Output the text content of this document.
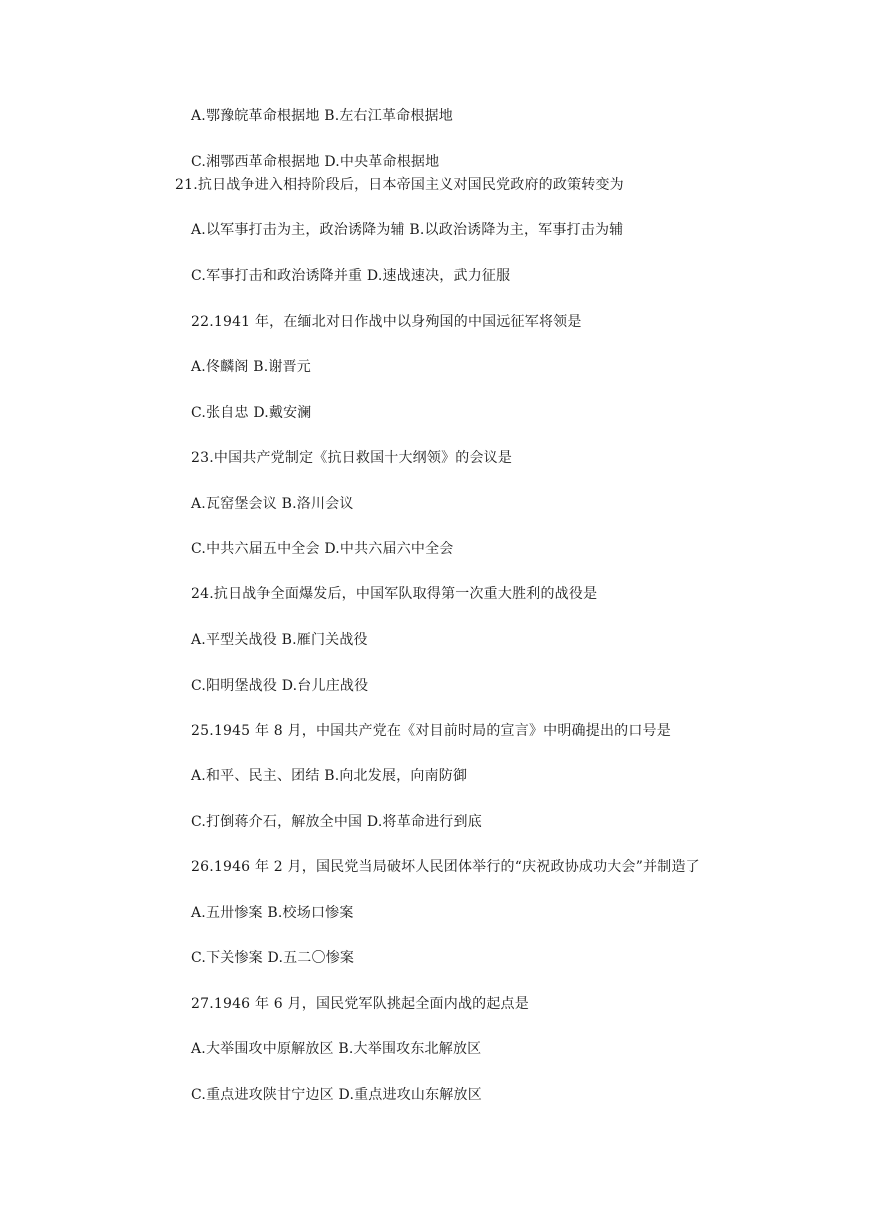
A.鄂豫皖革命根据地 B.左右江革命根据地
C.湘鄂西革命根据地 D.中央革命根据地
21.抗日战争进入相持阶段后，日本帝国主义对国民党政府的政策转变为
A.以军事打击为主，政治诱降为辅 B.以政治诱降为主，军事打击为辅
C.军事打击和政治诱降并重 D.速战速决，武力征服
22.1941 年，在缅北对日作战中以身殉国的中国远征军将领是
A.佟麟阁 B.谢晋元
C.张自忠 D.戴安澜
23.中国共产党制定《抗日救国十大纲领》的会议是
A.瓦窑堡会议 B.洛川会议
C.中共六届五中全会 D.中共六届六中全会
24.抗日战争全面爆发后，中国军队取得第一次重大胜利的战役是
A.平型关战役 B.雁门关战役
C.阳明堡战役 D.台儿庄战役
25.1945 年 8 月，中国共产党在《对目前时局的宣言》中明确提出的口号是
A.和平、民主、团结 B.向北发展，向南防御
C.打倒蒋介石，解放全中国 D.将革命进行到底
26.1946 年 2 月，国民党当局破坏人民团体举行的“庆祝政协成功大会”并制造了
A.五卅惨案 B.校场口惨案
C.下关惨案 D.五二〇惨案
27.1946 年 6 月，国民党军队挑起全面内战的起点是
A.大举围攻中原解放区 B.大举围攻东北解放区
C.重点进攻陕甘宁边区 D.重点进攻山东解放区
